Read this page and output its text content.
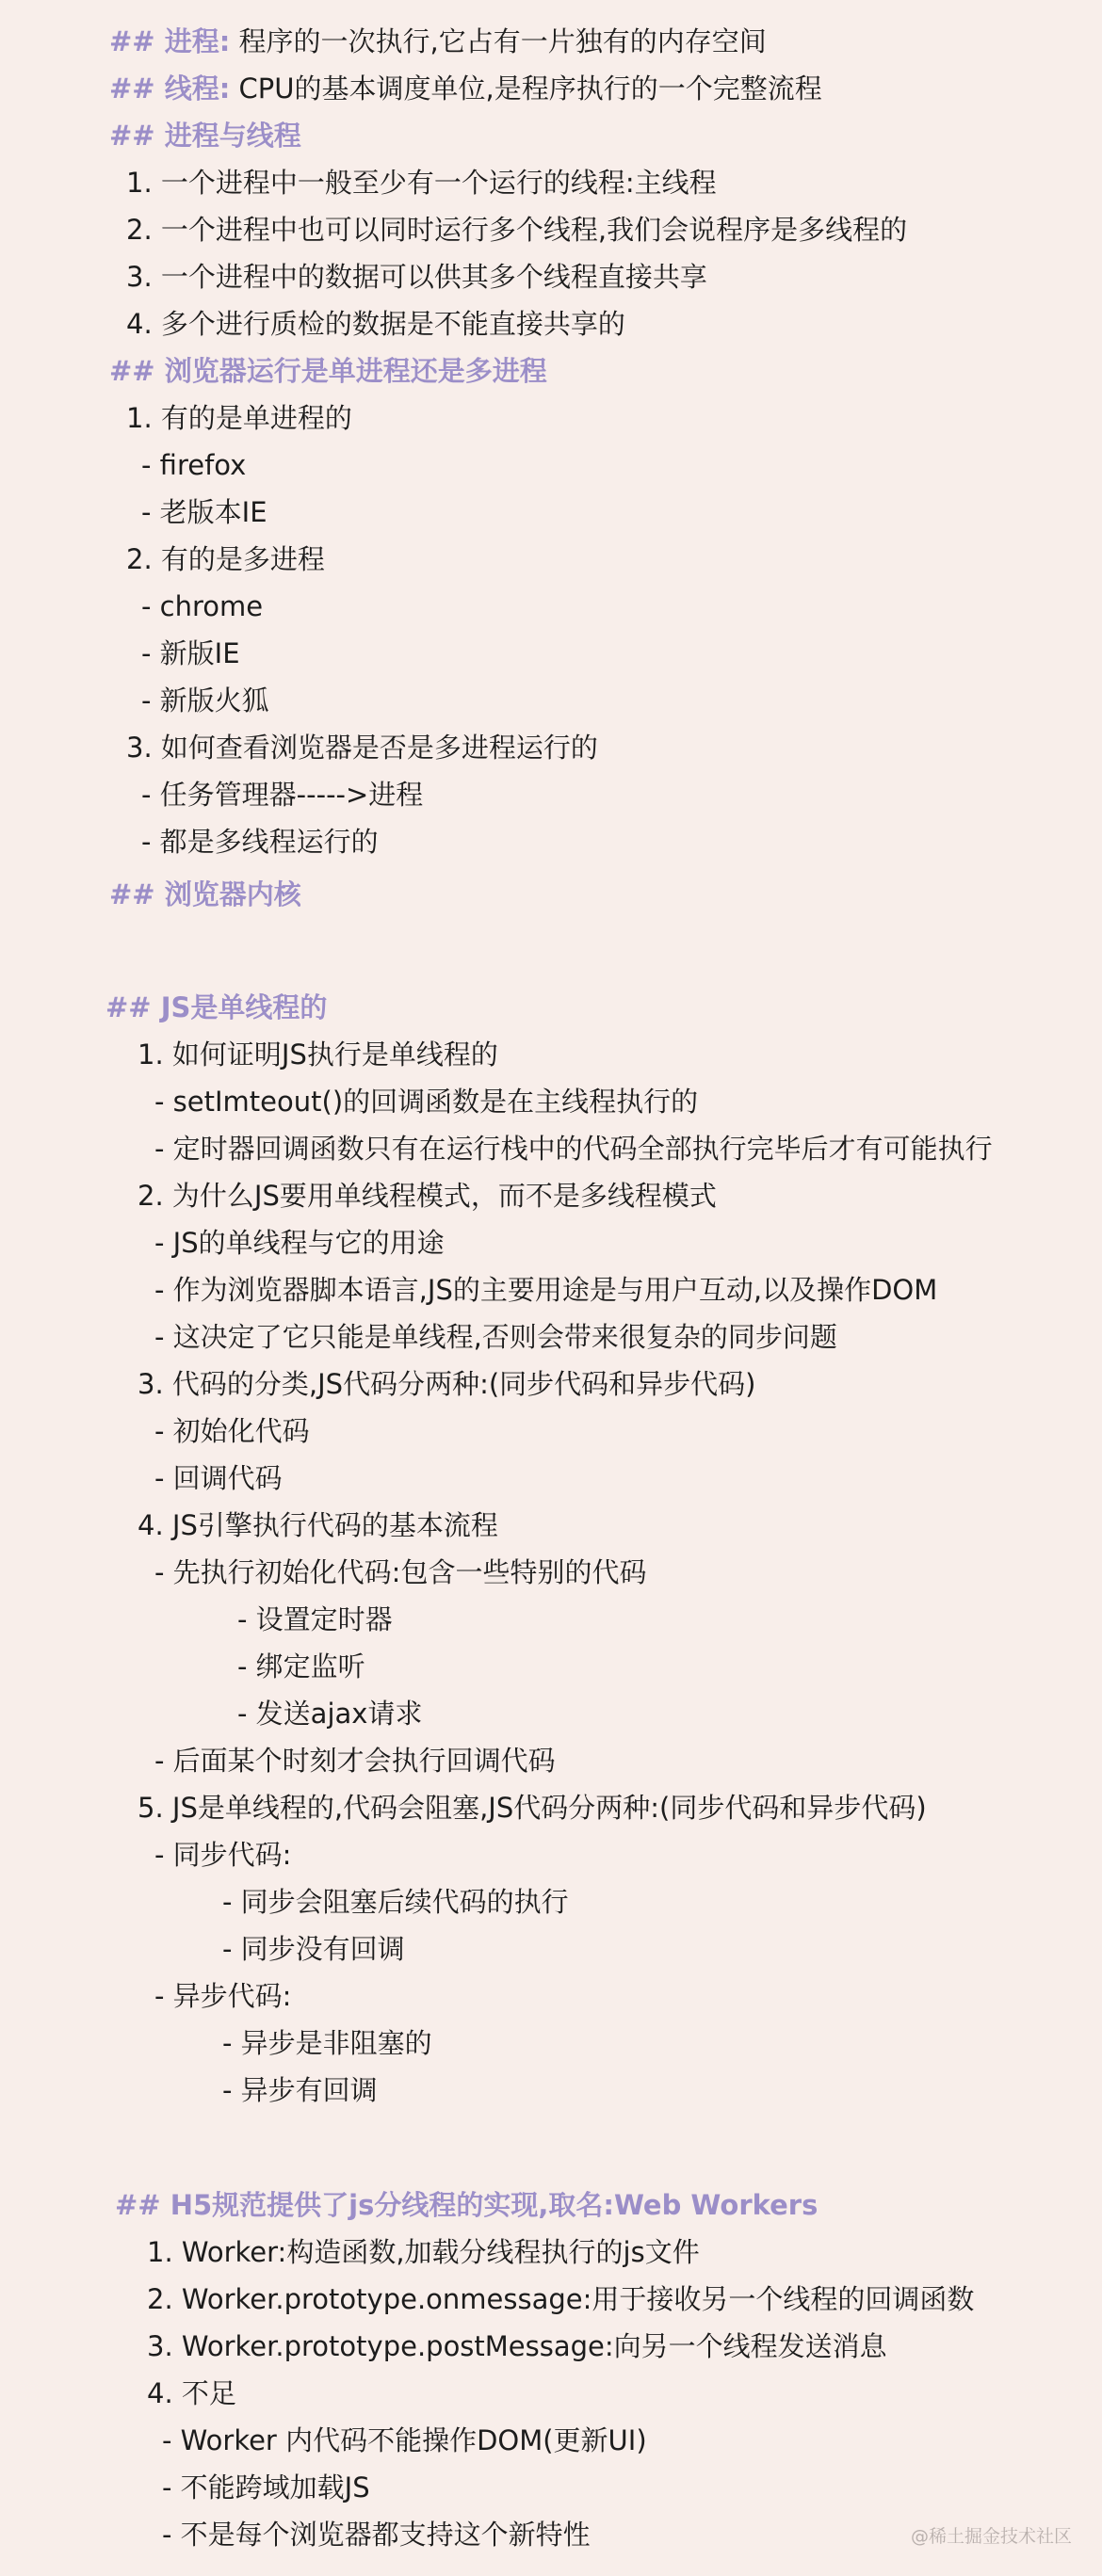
## 进程: 程序的一次执行,它占有一片独有的内存空间
## 线程: CPU的基本调度单位,是程序执行的一个完整流程
## 进程与线程
1. 一个进程中一般至少有一个运行的线程:主线程
2. 一个进程中也可以同时运行多个线程,我们会说程序是多线程的
3. 一个进程中的数据可以供其多个线程直接共享
4. 多个进行质检的数据是不能直接共享的
## 浏览器运行是单进程还是多进程
1. 有的是单进程的
- firefox
- 老版本IE
2. 有的是多进程
- chrome
- 新版IE
- 新版火狐
3. 如何查看浏览器是否是多进程运行的
- 任务管理器----->进程
- 都是多线程运行的
## 浏览器内核
## JS是单线程的
1. 如何证明JS执行是单线程的
- setImteout()的回调函数是在主线程执行的
- 定时器回调函数只有在运行栈中的代码全部执行完毕后才有可能执行
2. 为什么JS要用单线程模式，而不是多线程模式
- JS的单线程与它的用途
- 作为浏览器脚本语言,JS的主要用途是与用户互动,以及操作DOM
- 这决定了它只能是单线程,否则会带来很复杂的同步问题
3. 代码的分类,JS代码分两种:(同步代码和异步代码)
- 初始化代码
- 回调代码
4. JS引擎执行代码的基本流程
- 先执行初始化代码:包含一些特别的代码
- 设置定时器
- 绑定监听
- 发送ajax请求
- 后面某个时刻才会执行回调代码
5. JS是单线程的,代码会阻塞,JS代码分两种:(同步代码和异步代码)
- 同步代码:
- 同步会阻塞后续代码的执行
- 同步没有回调
- 异步代码:
- 异步是非阻塞的
- 异步有回调
## H5规范提供了js分线程的实现,取名:Web Workers
1. Worker:构造函数,加载分线程执行的js文件
2. Worker.prototype.onmessage:用于接收另一个线程的回调函数
3. Worker.prototype.postMessage:向另一个线程发送消息
4. 不足
- Worker 内代码不能操作DOM(更新UI)
- 不能跨域加载JS
- 不是每个浏览器都支持这个新特性	@稀土掘金技术社区
